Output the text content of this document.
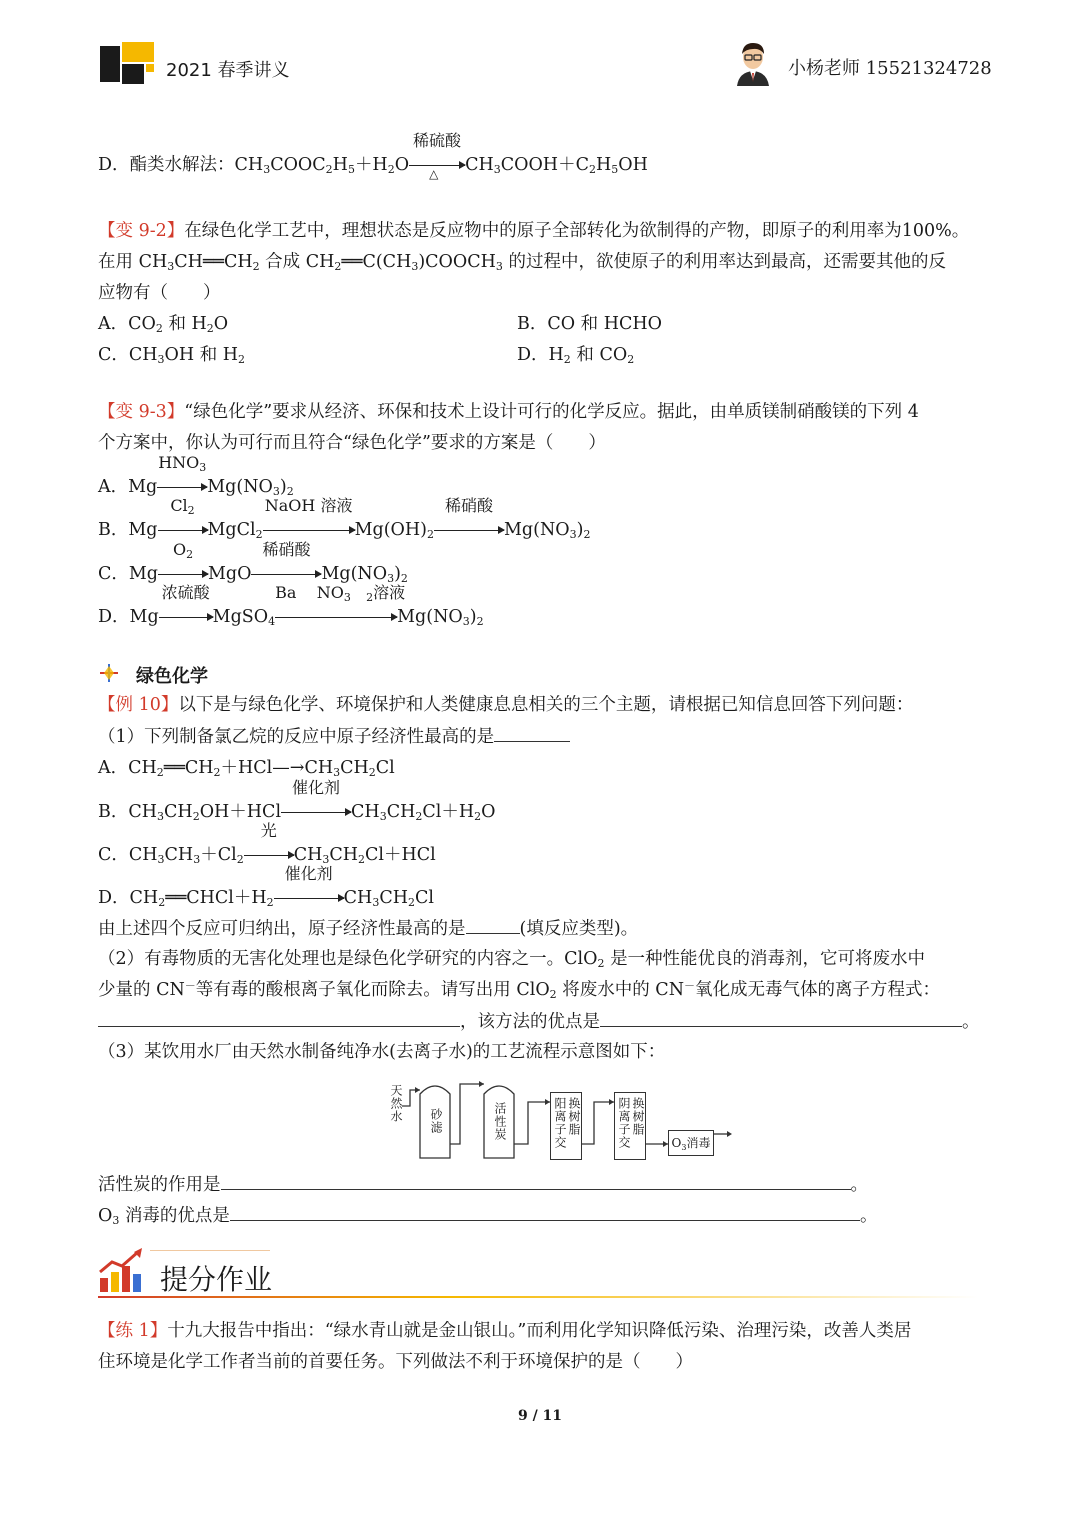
2021 春季讲义	小杨老师 15521324728
D．酯类水解法：$CH_3COOC_2H_5+H_2O$
稀硫酸
△ $CH_3COOH+C_2H_5OH$
【变 9-2】在绿色化学工艺中，理想状态是反应物中的原子全部转化为欲制得的产物，即原子的利用率为100%。
在用 $CH_3CH══CH_2$ 合成 $CH_2══C(CH_3)COOCH_3$ 的过程中，欲使原子的利用率达到最高，还需要其他的反
应物有（　　）
A．$CO_2$ 和 $H_2O$	B．CO 和 HCHO
C．$CH_3OH$ 和 $H_2$	D．$H_2$ 和 $CO_2$
【变 9-3】“绿色化学”要求从经济、环保和技术上设计可行的化学反应。据此，由单质镁制硝酸镁的下列 4
个方案中，你认为可行而且符合“绿色化学”要求的方案是（　　）
A．Mg
$HNO_3$
$Mg(NO_3)_2$
B．Mg
$Cl_2$
MgCl$_2$
NaOH 溶液
$Mg(OH)_2$
稀硝酸
$Mg(NO_3)_2$
C．Mg
$O_2$
MgO
稀硝酸
$Mg(NO_3)_2$
D．Mg
浓硫酸
MgSO$_4$
Ba    $NO_3$ $_2$溶液
$Mg(NO_3)_2$
绿色化学
【例 10】以下是与绿色化学、环境保护和人类健康息息相关的三个主题，请根据已知信息回答下列问题：
（1）下列制备氯乙烷的反应中原子经济性最高的是
A．$CH_2══CH_2+HCl—\to CH_3CH_2Cl$
B．$CH_3CH_2OH+HCl$
催化剂
$CH_3CH_2Cl+H_2O$
C．$CH_3CH_3+Cl_2$
光
$CH_3CH_2Cl+HCl$
D．$CH_2══CHCl+H_2$
催化剂
$CH_3CH_2Cl$
由上述四个反应可归纳出，原子经济性最高的是	(填反应类型)。
（2）有毒物质的无害化处理也是绿色化学研究的内容之一。ClO$_2$ 是一种性能优良的消毒剂，它可将废水中
少量的 CN－等有毒的酸根离子氧化而除去。请写出用 ClO$_2$ 将废水中的 CN－氧化成无毒气体的离子方程式：
，该方法的优点是	。
（3）某饮用水厂由天然水制备纯净水(去离子水)的工艺流程示意图如下：
天然水 砂滤	活性炭	阳离子交 换树脂	阴离子交 换树脂
$O_3$消毒
活性炭的作用是	。
$O_3$ 消毒的优点是	。
提分作业
【练 1】十九大报告中指出：“绿水青山就是金山银山。”而利用化学知识降低污染、治理污染，改善人类居
住环境是化学工作者当前的首要任务。下列做法不利于环境保护的是（　　）
9 / 11
